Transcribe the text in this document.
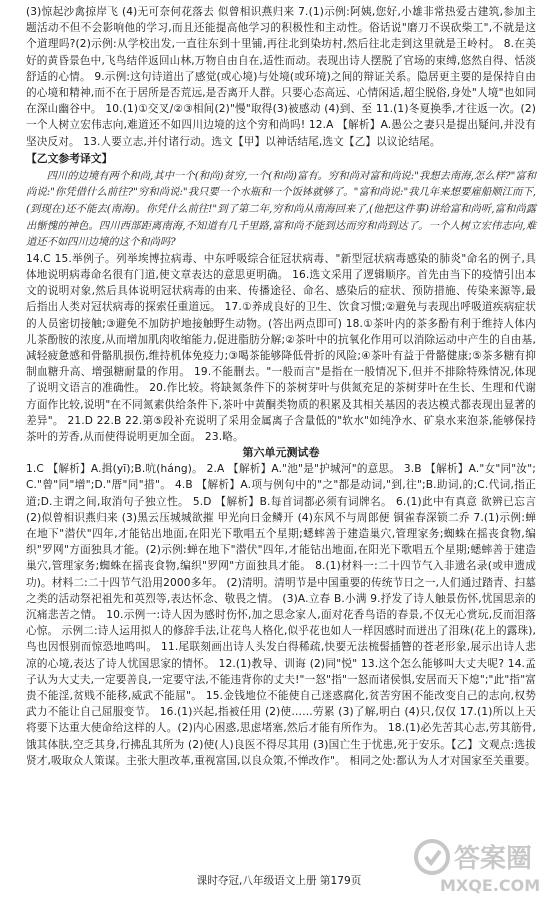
(3)惊起沙禽掠岸飞 (4)无可奈何花落去 似曾相识燕归来 7.(1)示例:阿姨,您好,小雄非常热爱古建筑,参加主题活动不但不会影响他的学习,而且还能提高他学习的积极性和主动性。俗话说"磨刀不误砍柴工",不就是这个道理吗?(2)示例:从学校出发,一直往东到十里铺,再往北到染坊村,然后往北走到这里就是王岭村。 8.在美好的黄昏景色中,飞鸟结伴返回山林,万物自由自在,适性而动。表现出诗人摆脱了官场的束缚,悠然自得、恬淡舒适的心情。 9.示例:这句诗道出了感觉(或心境)与处境(或环境)之间的辩证关系。隐居更主要的是保持自由的心境和精神,而不在于居所是否荒远,是否离开人群。只要心态高远、心情闲适,超尘脱俗,身处"人境"也如同在深山幽谷中。 10.(1)①交叉/②③相间(2)"慢"取得(3)被感动 (4)到、至 11.(1)冬夏换季,才往返一次。(2)一个人树立宏伟志向,难道还不如四川边境的这个穷和尚吗! 12.A 【解析】A.愚公之妻只是提出疑问,并没有坚决反对。 13.人要立志,并付诸行动。选文【甲】以神话结尾,选文【乙】以议论结尾。

【乙文参考译文】

四川的边境有两个和尚,其中一个(和尚)贫穷,一个(和尚)富有。穷和尚对富和尚说:"我想去南海,怎么样?"富和尚说:"你凭借什么前往?"穷和尚说:"我只要一个水瓶和一个饭钵就够了。"富和尚说:"我几年来想要雇船顺江而下,(到现在)还不能去(南海)。你凭什么前往!"到了第二年,穷和尚从南海回来了,(他把这件事)讲给富和尚听,富和尚露出惭愧的神色。四川西部距离南海,不知道有几千里路,富和尚不能到达而穷和尚到达了。一个人树立宏伟志向,难道还不如四川边境的这个和尚吗?

14.C 15.举例子。列举埃博拉病毒、中东呼吸综合征冠状病毒、"新型冠状病毒感染的肺炎"命名的例子,具体地说明病毒命名很有门道,使文章表达的意思更明确。 16.选文采用了逻辑顺序。首先由当下的疫情引出本文的说明对象,然后具体说明冠状病毒的由来、传播途径、命名、感染后的症状、预防措施、传染来源等,最后指出人类对冠状病毒的探索任重道远。 17.①养成良好的卫生、饮食习惯;②避免与表现出呼吸道疾病症状的人员密切接触;③避免不加防护地接触野生动物。(答出两点即可) 18.①茶叶内的茶多酚有利于维持人体内儿茶酚胺的浓度,从而增加肌肉收缩能力,促进脂肪分解;②茶叶中的抗氧化作用可以消除运动中产生的自由基,减轻疲惫感和骨骼肌损伤,维持机体免疫力;③喝茶能够降低骨折的风险;④茶叶有益于骨骼健康;⑤茶多糖有抑制血糖升高、增强糖耐量的作用。 19.不能删去。"一般而言"是指在一般情况下,但并不排除特殊情况,体现了说明文语言的准确性。 20.作比较。将缺氮条件下的茶树芽叶与供氮充足的茶树芽叶在生长、生理和代谢方面作比较,说明"在不同氮素供给条件下,茶叶中黄酮类物质的积累及其相关基因的表达模式都表现出显著的差异"。 21.D 22.B 22.第⑤段补充说明了采用金属离子含量低的"软水"如纯净水、矿泉水来泡茶,能够保持茶叶的芳香,从而使得说明更加全面。 23.略。

第六单元测试卷

1.C 【解析】A.揖(yī);B.吭(háng)。 2.A 【解析】A."池"是"护城河"的意思。 3.B 【解析】A."女"同"汝";C."曾"同"增";D."厝"同"措"。 4.B 【解析】A.项与例句中的"之"都是动词,"到,往";B.助词,的;C.代词,指正道;D.主谓之间,取消句子独立性。 5.D 【解析】B.每首词都必须有词牌名。 6.(1)此中有真意 欲辨已忘言 (2)似曾相识燕归来 (3)黑云压城城欲摧 甲光向日金鳞开 (4)东风不与周郎便 铜雀春深锁二乔 7.(1)示例:蝉在地下"潜伏"四年,才能钻出地面,在阳光下歌唱五个星期;蟋蟀善于建造巢穴,管理家务;蜘蛛在摇丧食物,编织"罗网"方面独具才能。(2)示例:蝉在地下"潜伏"四年,才能钻出地面,在阳光下歌唱五个星期;蟋蟀善于建造巢穴,管理家务;蜘蛛在摇丧食物,编织"罗网"方面独具才能。 8.(1)材料一:二十四节气入非遗名录(或申遗成功)。材料二:二十四节气沿用2000多年。 (2)清明。清明节是中国重要的传统节日之一,人们通过踏青、扫墓之类的活动祭祀祖先和英烈等,表达怀念、敬畏之情。 (3)A.立春 B.小满 9.抒发了诗人触景伤怀,忧国思亲的沉痛悲苦之情。 10.示例一:诗人因为感时伤怀,加之思念家人,面对花香鸟语的春景,不仅无心赏玩,反而泪落心惊。 示例二:诗人运用拟人的修辞手法,让花鸟人格化,似乎花也如人一样因感时而迸出了泪珠(花上的露珠),鸟也因恨别而惊恐地鸣叫。 11.尾联刻画出诗人头发白得稀疏,快要无法梳髻插簪的苍老形象,展示出诗人悲凉的心境,表达了诗人忧国思家的情怀。 12.(1)教导、训诲 (2)同"悦" 13.这个怎么能够叫大丈夫呢? 14.孟子认为大丈夫,一定要善良,一定要守法,不能违背你的丈夫!"一怒"指"一怒而诸侯惧,安居而天下熄";"此"指"富贵不能淫,贫贱不能移,威武不能屈"。 15.金钱地位不能使自己迷惑腐化,贫苦穷困不能改变自己的志向,权势武力不能让自己屈服变节。 16.(1)兴起,指被任用 (2)使……劳累 (3)了解,明白 (4)只,仅仅 17.(1)所以上天将要下达重大使命给这样的人。(2)内心困惑,思虑堵塞,然后才能有所作为。 18.(1)必先苦其心志,劳其筋骨,饿其体肤,空乏其身,行拂乱其所为 (2)使(人)良医不得尽其用 (3)国亡生于忧患,死于安乐。【乙】文观点:选拔贤才,吸取众人策谋。主张大胆改革,重视富国,以良众策,不惮改作"。 相同之处:都认为人才对国家至关重要。

课时夺冠,八年级语文上册 第179页
答案圈
MXQE.COM
